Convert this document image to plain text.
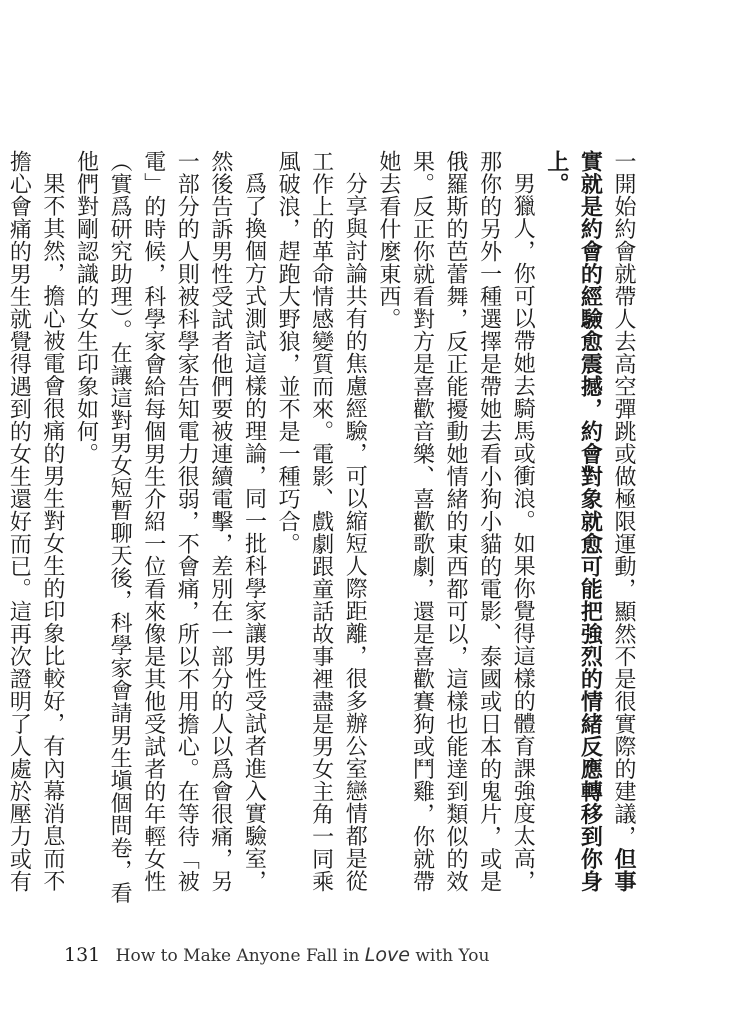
一開始約會就帶人去高空彈跳或做極限運動，顯然不是很實際的建議，但事實就是約會的經驗愈震撼，約會對象就愈可能把強烈的情緒反應轉移到你身上。

男獵人，你可以帶她去騎馬或衝浪。如果你覺得這樣的體育課強度太高，那你的另外一種選擇是帶她去看小狗小貓的電影、泰國或日本的鬼片，或是俄羅斯的芭蕾舞，反正能擾動她情緒的東西都可以，這樣也能達到類似的效果。反正你就看對方是喜歡音樂、喜歡歌劇，還是喜歡賽狗或鬥雞，你就帶她去看什麼東西。

分享與討論共有的焦慮經驗，可以縮短人際距離，很多辦公室戀情都是從工作上的革命情感變質而來。電影、戲劇跟童話故事裡盡是男女主角一同乘風破浪，趕跑大野狼，並不是一種巧合。

爲了換個方式測試這樣的理論，同一批科學家讓男性受試者進入實驗室，然後告訴男性受試者他們要被連續電擊，差別在一部分的人以爲會很痛，另一部分的人則被科學家告知電力很弱，不會痛，所以不用擔心。在等待「被電」的時候，科學家會給每個男生介紹一位看來像是其他受試者的年輕女性（實爲研究助理）。在讓這對男女短暫聊天後，科學家會請男生塡個問卷，看他們對剛認識的女生印象如何。

果不其然，擔心被電會很痛的男生對女生的印象比較好，有內幕消息而不擔心會痛的男生就覺得遇到的女生還好而已。這再次證明了人處於壓力或有

131 How to Make Anyone Fall in Love with You
